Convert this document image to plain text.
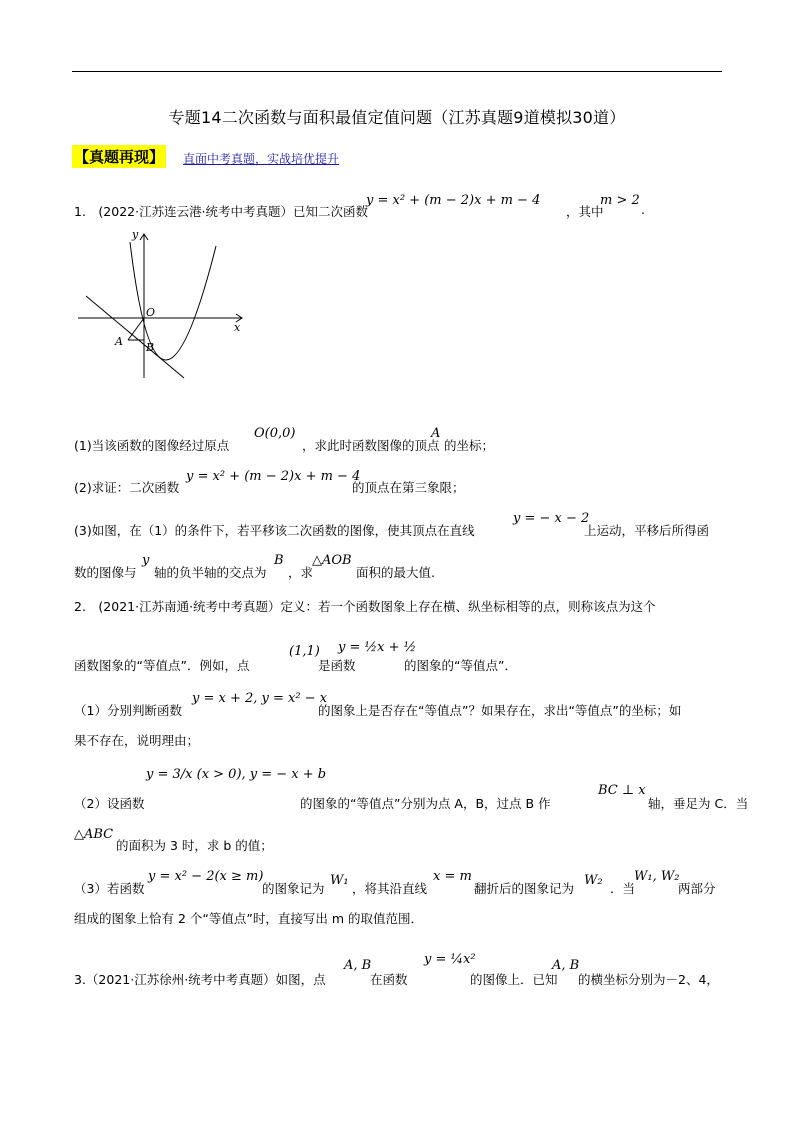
专题14二次函数与面积最值定值问题（江苏真题9道模拟30道）
【真题再现】 直面中考真题，实战培优提升
1.　(2022·江苏连云港·统考中考真题）已知二次函数
y = x² + (m − 2)x + m − 4
，其中
m > 2
.
y
x
O
A B
(1)当该函数的图像经过原点
O(0,0)
，求此时函数图像的顶点
A
的坐标；
(2)求证：二次函数
y = x² + (m − 2)x + m − 4
的顶点在第三象限；
(3)如图，在（1）的条件下，若平移该二次函数的图像，使其顶点在直线
y = − x − 2
上运动，平移后所得函
数的图像与
y
轴的负半轴的交点为
B
，求
△AOB
面积的最大值.
2.　(2021·江苏南通·统考中考真题）定义：若一个函数图象上存在横、纵坐标相等的点，则称该点为这个
函数图象的“等值点”．例如，点
(1,1)
是函数
y = ½x + ½
的图象的“等值点”．
（1）分别判断函数
y = x + 2, y = x² − x
的图象上是否存在“等值点”？如果存在，求出“等值点”的坐标；如
果不存在，说明理由；
y = 3/x (x > 0), y = − x + b
（2）设函数	的图象的“等值点”分别为点 A，B，过点 B 作
BC ⊥ x
轴，垂足为 C．当
△ABC
的面积为 3 时，求 b 的值；
（3）若函数
y = x² − 2(x ≥ m)
的图象记为
W₁
，将其沿直线
x = m
翻折后的图象记为
W₂
．当
W₁, W₂
两部分
组成的图象上恰有 2 个“等值点”时，直接写出 m 的取值范围．
3.（2021·江苏徐州·统考中考真题）如图，点
A, B
在函数
y = ¼x²
的图像上．已知
A, B
的横坐标分别为－2、4，
